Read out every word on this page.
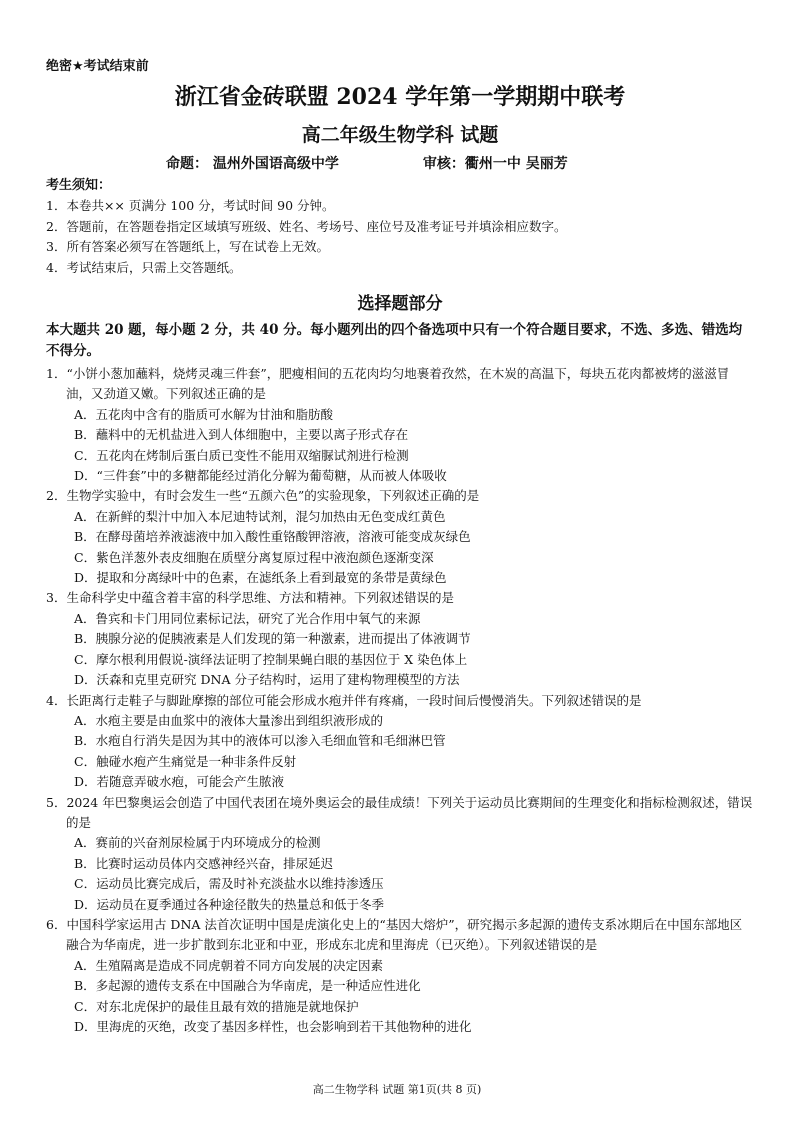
绝密★考试结束前
浙江省金砖联盟 2024 学年第一学期期中联考
高二年级生物学科 试题
命题： 温州外国语高级中学	审核：衢州一中 吴丽芳
考生须知：
1．本卷共×× 页满分 100 分，考试时间 90 分钟。
2．答题前，在答题卷指定区域填写班级、姓名、考场号、座位号及准考证号并填涂相应数字。
3．所有答案必须写在答题纸上，写在试卷上无效。
4．考试结束后，只需上交答题纸。
选择题部分
本大题共 20 题，每小题 2 分，共 40 分。每小题列出的四个备选项中只有一个符合题目要求，不选、多选、错选均不得分。
1．“小饼小葱加蘸料，烧烤灵魂三件套”，肥瘦相间的五花肉均匀地裹着孜然，在木炭的高温下，每块五花肉都被烤的滋滋冒油，又劲道又嫩。下列叙述正确的是
A．五花肉中含有的脂质可水解为甘油和脂肪酸
B．蘸料中的无机盐进入到人体细胞中，主要以离子形式存在
C．五花肉在烤制后蛋白质已变性不能用双缩脲试剂进行检测
D．“三件套”中的多糖都能经过消化分解为葡萄糖，从而被人体吸收
2．生物学实验中，有时会发生一些“五颜六色”的实验现象，下列叙述正确的是
A．在新鲜的梨汁中加入本尼迪特试剂，混匀加热由无色变成红黄色
B．在酵母菌培养液滤液中加入酸性重铬酸钾溶液，溶液可能变成灰绿色
C．紫色洋葱外表皮细胞在质壁分离复原过程中液泡颜色逐渐变深
D．提取和分离绿叶中的色素，在滤纸条上看到最宽的条带是黄绿色
3．生命科学史中蕴含着丰富的科学思维、方法和精神。下列叙述错误的是
A．鲁宾和卡门用同位素标记法，研究了光合作用中氧气的来源
B．胰腺分泌的促胰液素是人们发现的第一种激素，进而提出了体液调节
C．摩尔根利用假说-演绎法证明了控制果蝇白眼的基因位于 X 染色体上
D．沃森和克里克研究 DNA 分子结构时，运用了建构物理模型的方法
4．长距离行走鞋子与脚趾摩擦的部位可能会形成水疱并伴有疼痛，一段时间后慢慢消失。下列叙述错误的是
A．水疱主要是由血浆中的液体大量渗出到组织液形成的
B．水疱自行消失是因为其中的液体可以渗入毛细血管和毛细淋巴管
C．触碰水疱产生痛觉是一种非条件反射
D．若随意弄破水疱，可能会产生脓液
5．2024 年巴黎奥运会创造了中国代表团在境外奥运会的最佳成绩！下列关于运动员比赛期间的生理变化和指标检测叙述，错误的是
A．赛前的兴奋剂尿检属于内环境成分的检测
B．比赛时运动员体内交感神经兴奋，排尿延迟
C．运动员比赛完成后，需及时补充淡盐水以维持渗透压
D．运动员在夏季通过各种途径散失的热量总和低于冬季
6．中国科学家运用古 DNA 法首次证明中国是虎演化史上的“基因大熔炉”，研究揭示多起源的遗传支系冰期后在中国东部地区融合为华南虎，进一步扩散到东北亚和中亚，形成东北虎和里海虎（已灭绝）。下列叙述错误的是
A．生殖隔离是造成不同虎朝着不同方向发展的决定因素
B．多起源的遗传支系在中国融合为华南虎，是一种适应性进化
C．对东北虎保护的最佳且最有效的措施是就地保护
D．里海虎的灭绝，改变了基因多样性，也会影响到若干其他物种的进化
高二生物学科 试题 第1页(共 8 页)
